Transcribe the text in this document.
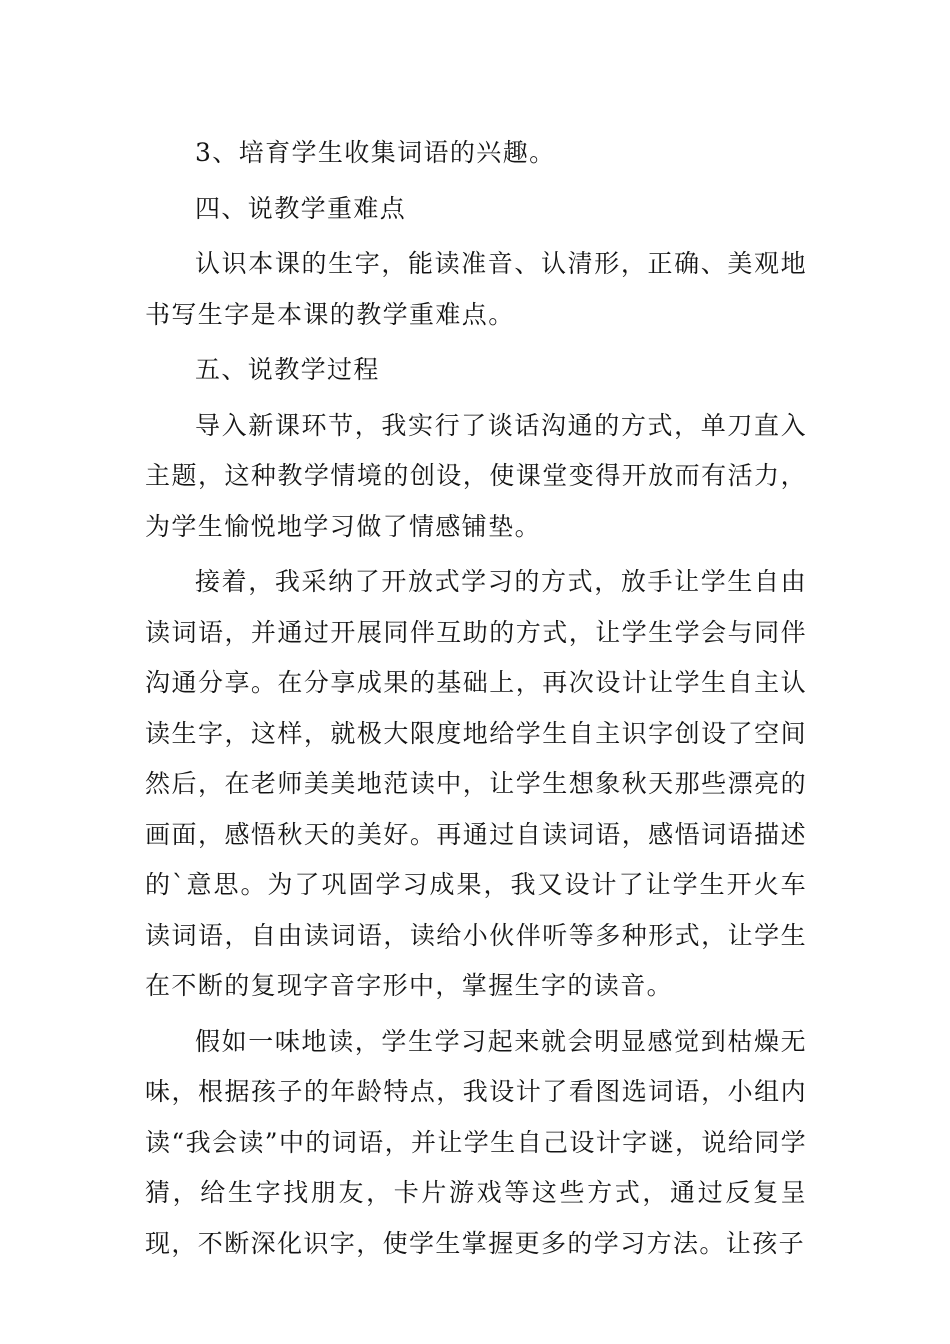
3、培育学生收集词语的兴趣。

四、说教学重难点

认识本课的生字，能读准音、认清形，正确、美观地书写生字是本课的教学重难点。

五、说教学过程

导入新课环节，我实行了谈话沟通的方式，单刀直入主题，这种教学情境的创设，使课堂变得开放而有活力，为学生愉悦地学习做了情感铺垫。

接着，我采纳了开放式学习的方式，放手让学生自由读词语，并通过开展同伴互助的方式，让学生学会与同伴沟通分享。在分享成果的基础上，再次设计让学生自主认读生字，这样，就极大限度地给学生自主识字创设了空间然后，在老师美美地范读中，让学生想象秋天那些漂亮的画面，感悟秋天的美好。再通过自读词语，感悟词语描述的`意思。为了巩固学习成果，我又设计了让学生开火车读词语，自由读词语，读给小伙伴听等多种形式，让学生在不断的复现字音字形中，掌握生字的读音。

假如一味地读，学生学习起来就会明显感觉到枯燥无味，根据孩子的年龄特点，我设计了看图选词语，小组内读“我会读”中的词语，并让学生自己设计字谜，说给同学猜，给生字找朋友，卡片游戏等这些方式，通过反复呈现，不断深化识字，使学生掌握更多的学习方法。让孩子
